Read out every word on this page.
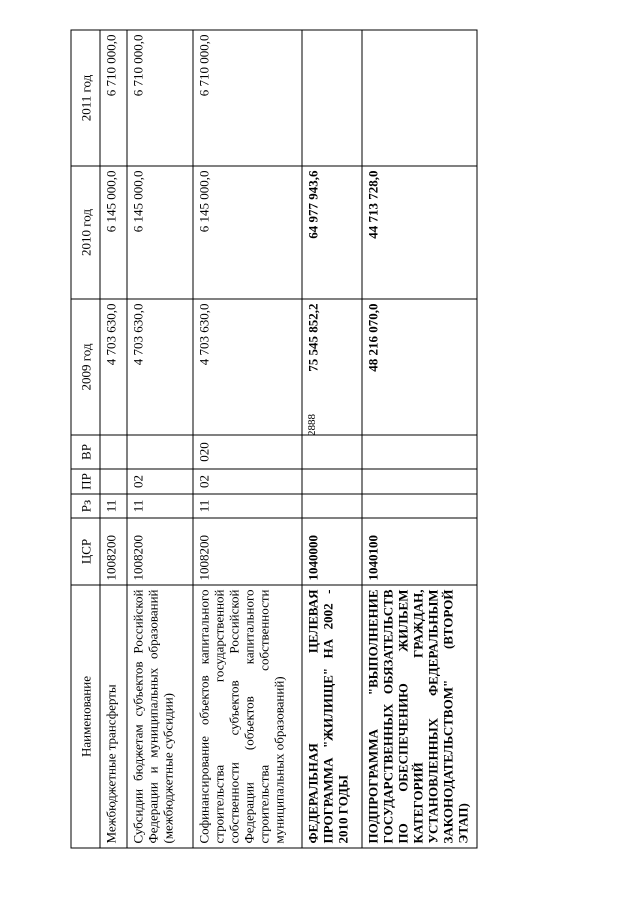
2888
Наименование	ЦСР	Рз	ПР	ВР	2009 год	2010 год	2011 год
Межбюджетные трансферты	1008200	11			4 703 630,0	6 145 000,0	6 710 000,0
Субсидии бюджетам субъектов Российской Федерации и муниципальных образований (межбюджетные субсидии)	1008200	11	02		4 703 630,0	6 145 000,0	6 710 000,0
Софинансирование объектов капитального строительства государственной собственности субъектов Российской Федерации (объектов капитального строительства собственности муниципальных образований)	1008200	11	02	020	4 703 630,0	6 145 000,0	6 710 000,0
ФЕДЕРАЛЬНАЯ ЦЕЛЕВАЯ ПРОГРАММА "ЖИЛИЩЕ" НА 2002 - 2010 ГОДЫ	1040000				75 545 852,2	64 977 943,6	
ПОДПРОГРАММА "ВЫПОЛНЕНИЕ ГОСУДАРСТВЕННЫХ ОБЯЗАТЕЛЬСТВ ПО ОБЕСПЕЧЕНИЮ ЖИЛЬЕМ КАТЕГОРИЙ ГРАЖДАН, УСТАНОВЛЕННЫХ ФЕДЕРАЛЬНЫМ ЗАКОНОДАТЕЛЬСТВОМ" (ВТОРОЙ ЭТАП)	1040100				48 216 070,0	44 713 728,0	
